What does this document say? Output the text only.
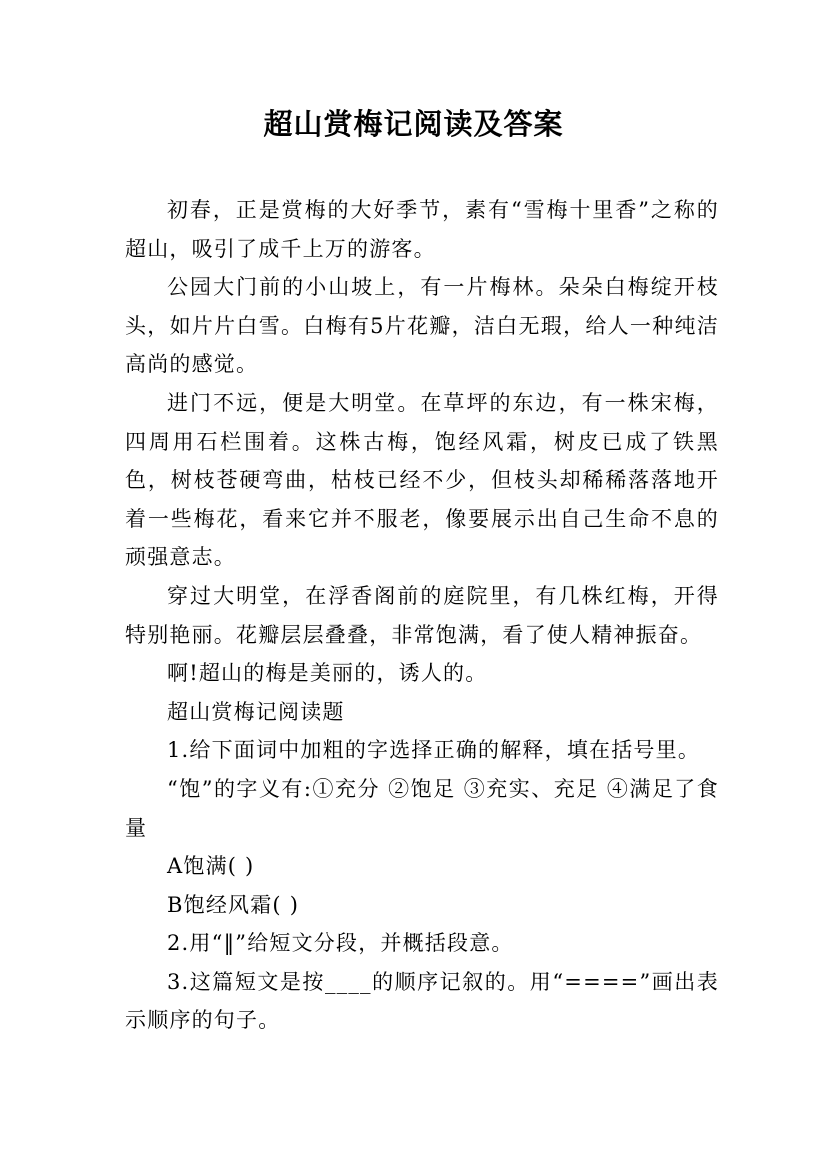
超山赏梅记阅读及答案

初春，正是赏梅的大好季节，素有“雪梅十里香”之称的超山，吸引了成千上万的游客。

公园大门前的小山坡上，有一片梅林。朵朵白梅绽开枝头，如片片白雪。白梅有5片花瓣，洁白无瑕，给人一种纯洁高尚的感觉。

进门不远，便是大明堂。在草坪的东边，有一株宋梅，四周用石栏围着。这株古梅，饱经风霜，树皮已成了铁黑色，树枝苍硬弯曲，枯枝已经不少，但枝头却稀稀落落地开着一些梅花，看来它并不服老，像要展示出自己生命不息的顽强意志。

穿过大明堂，在浮香阁前的庭院里，有几株红梅，开得特别艳丽。花瓣层层叠叠，非常饱满，看了使人精神振奋。

啊!超山的梅是美丽的，诱人的。

超山赏梅记阅读题

1.给下面词中加粗的字选择正确的解释，填在括号里。

“饱”的字义有:①充分 ②饱足 ③充实、充足 ④满足了食量

A饱满( )

B饱经风霜( )

2.用“‖”给短文分段，并概括段意。

3.这篇短文是按____的顺序记叙的。用“====”画出表示顺序的句子。
